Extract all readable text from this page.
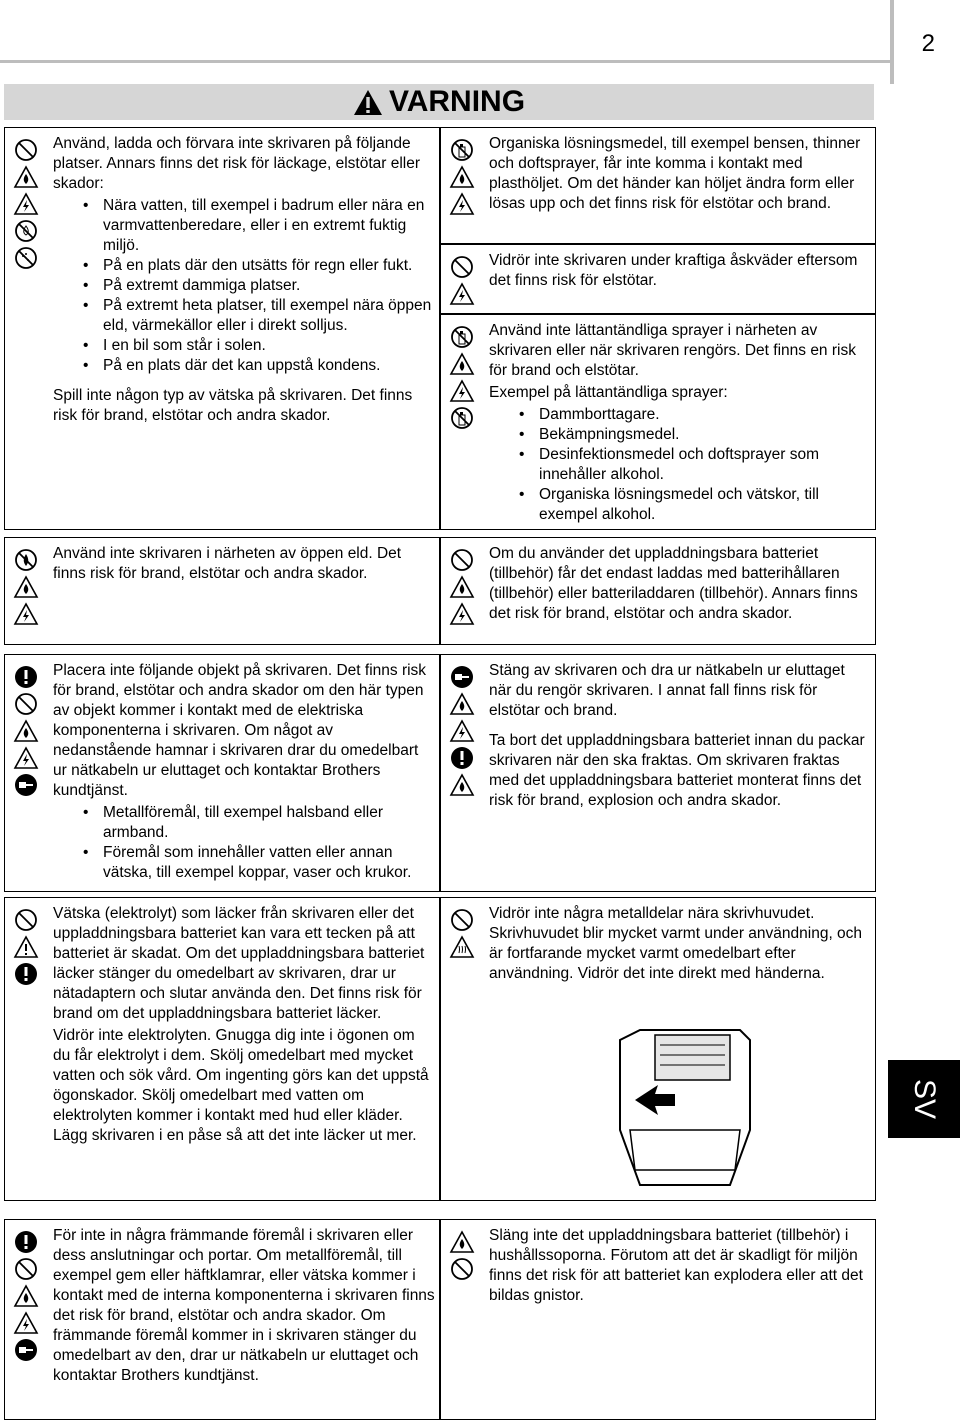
2
SV
VARNING

Använd, ladda och förvara inte skrivaren på följande platser. Annars finns det risk för läckage, elstötar eller skador:

• Nära vatten, till exempel i badrum eller nära en varmvattenberedare, eller i en extremt fuktig miljö.
• På en plats där den utsätts för regn eller fukt.
• På extremt dammiga platser.
• På extremt heta platser, till exempel nära öppen eld, värmekällor eller i direkt solljus.
• I en bil som står i solen.
• På en plats där det kan uppstå kondens.

Spill inte någon typ av vätska på skrivaren. Det finns risk för brand, elstötar och andra skador.

Använd inte skrivaren i närheten av öppen eld. Det finns risk för brand, elstötar och andra skador.

Placera inte följande objekt på skrivaren. Det finns risk för brand, elstötar och andra skador om den här typen av objekt kommer i kontakt med de elektriska komponenterna i skrivaren. Om något av nedanstående hamnar i skrivaren drar du omedelbart ur nätkabeln ur eluttaget och kontaktar Brothers kundtjänst.

• Metallföremål, till exempel halsband eller armband.
• Föremål som innehåller vatten eller annan vätska, till exempel koppar, vaser och krukor.

Vätska (elektrolyt) som läcker från skrivaren eller det uppladdningsbara batteriet kan vara ett tecken på att batteriet är skadat. Om det uppladdningsbara batteriet läcker stänger du omedelbart av skrivaren, drar ur nätadaptern och slutar använda den. Det finns risk för brand om det uppladdningsbara batteriet läcker.

Vidrör inte elektrolyten. Gnugga dig inte i ögonen om du får elektrolyt i dem. Skölj omedelbart med mycket vatten och sök vård. Om ingenting görs kan det uppstå ögonskador. Skölj omedelbart med vatten om elektrolyten kommer i kontakt med hud eller kläder. Lägg skrivaren i en påse så att det inte läcker ut mer.

För inte in några främmande föremål i skrivaren eller dess anslutningar och portar. Om metallföremål, till exempel gem eller häftklamrar, eller vätska kommer i kontakt med de interna komponenterna i skrivaren finns det risk för brand, elstötar och andra skador. Om främmande föremål kommer in i skrivaren stänger du omedelbart av den, drar ur nätkabeln ur eluttaget och kontaktar Brothers kundtjänst.

Organiska lösningsmedel, till exempel bensen, thinner och doftsprayer, får inte komma i kontakt med plasthöljet. Om det händer kan höljet ändra form eller lösas upp och det finns risk för elstötar och brand.

Vidrör inte skrivaren under kraftiga åskväder eftersom det finns risk för elstötar.

Använd inte lättantändliga sprayer i närheten av skrivaren eller när skrivaren rengörs. Det finns en risk för brand och elstötar.

Exempel på lättantändliga sprayer:

• Dammborttagare.
• Bekämpningsmedel.
• Desinfektionsmedel och doftsprayer som innehåller alkohol.
• Organiska lösningsmedel och vätskor, till exempel alkohol.

Om du använder det uppladdningsbara batteriet (tillbehör) får det endast laddas med batterihållaren (tillbehör) eller batteriladdaren (tillbehör). Annars finns det risk för brand, elstötar och andra skador.

Stäng av skrivaren och dra ur nätkabeln ur eluttaget när du rengör skrivaren. I annat fall finns risk för elstötar och brand.

Ta bort det uppladdningsbara batteriet innan du packar skrivaren när den ska fraktas. Om skrivaren fraktas med det uppladdningsbara batteriet monterat finns det risk för brand, explosion och andra skador.

Vidrör inte några metalldelar nära skrivhuvudet. Skrivhuvudet blir mycket varmt under användning, och är fortfarande mycket varmt omedelbart efter användning. Vidrör det inte direkt med händerna.

Släng inte det uppladdningsbara batteriet (tillbehör) i hushållssoporna. Förutom att det är skadligt för miljön finns det risk för att batteriet kan explodera eller att det bildas gnistor.
